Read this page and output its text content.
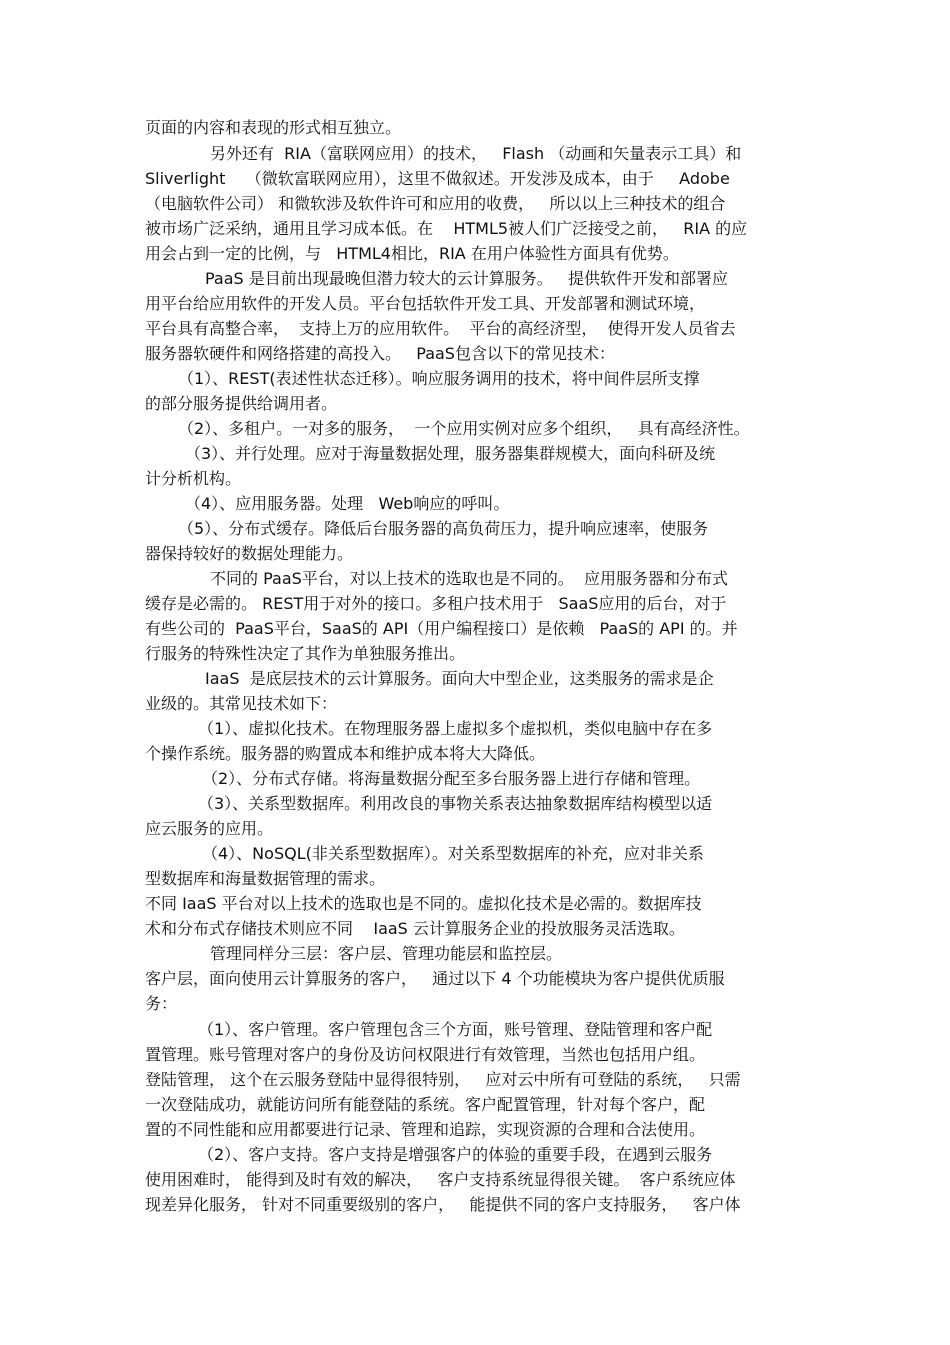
页面的内容和表现的形式相互独立。
另外还有  RIA（富联网应用）的技术，   Flash （动画和矢量表示工具）和
Sliverlight    （微软富联网应用），这里不做叙述。开发涉及成本，由于     Adobe
（电脑软件公司） 和微软涉及软件许可和应用的收费，   所以以上三种技术的组合
被市场广泛采纳，通用且学习成本低。在    HTML5被人们广泛接受之前，   RIA 的应
用会占到一定的比例，与   HTML4相比，RIA 在用户体验性方面具有优势。
PaaS 是目前出现最晚但潜力较大的云计算服务。   提供软件开发和部署应
用平台给应用软件的开发人员。平台包括软件开发工具、开发部署和测试环境，
平台具有高整合率，  支持上万的应用软件。  平台的高经济型，  使得开发人员省去
服务器软硬件和网络搭建的高投入。   PaaS包含以下的常见技术：
（1）、REST(表述性状态迁移）。响应服务调用的技术，将中间件层所支撑
的部分服务提供给调用者。
（2）、多租户。一对多的服务，  一个应用实例对应多个组织，   具有高经济性。
（3）、并行处理。应对于海量数据处理，服务器集群规模大，面向科研及统
计分析机构。
（4）、应用服务器。处理   Web响应的呼叫。
（5）、分布式缓存。降低后台服务器的高负荷压力，提升响应速率，使服务
器保持较好的数据处理能力。
不同的 PaaS平台，对以上技术的选取也是不同的。  应用服务器和分布式
缓存是必需的。 REST用于对外的接口。多租户技术用于   SaaS应用的后台，对于
有些公司的  PaaS平台，SaaS的 API（用户编程接口）是依赖   PaaS的 API 的。并
行服务的特殊性决定了其作为单独服务推出。
IaaS  是底层技术的云计算服务。面向大中型企业，这类服务的需求是企
业级的。其常见技术如下：
（1）、虚拟化技术。在物理服务器上虚拟多个虚拟机，类似电脑中存在多
个操作系统。服务器的购置成本和维护成本将大大降低。
（2）、分布式存储。将海量数据分配至多台服务器上进行存储和管理。
（3）、关系型数据库。利用改良的事物关系表达抽象数据库结构模型以适
应云服务的应用。
（4）、NoSQL(非关系型数据库）。对关系型数据库的补充，应对非关系
型数据库和海量数据管理的需求。
不同 IaaS 平台对以上技术的选取也是不同的。虚拟化技术是必需的。数据库技
术和分布式存储技术则应不同    IaaS 云计算服务企业的投放服务灵活选取。
管理同样分三层：客户层、管理功能层和监控层。
客户层，面向使用云计算服务的客户，   通过以下 4 个功能模块为客户提供优质服
务：
（1）、客户管理。客户管理包含三个方面，账号管理、登陆管理和客户配
置管理。账号管理对客户的身份及访问权限进行有效管理，当然也包括用户组。
登陆管理， 这个在云服务登陆中显得很特别，   应对云中所有可登陆的系统，   只需
一次登陆成功，就能访问所有能登陆的系统。客户配置管理，针对每个客户，配
置的不同性能和应用都要进行记录、管理和追踪，实现资源的合理和合法使用。
（2）、客户支持。客户支持是增强客户的体验的重要手段，在遇到云服务
使用困难时， 能得到及时有效的解决，   客户支持系统显得很关键。  客户系统应体
现差异化服务， 针对不同重要级别的客户，   能提供不同的客户支持服务，   客户体
